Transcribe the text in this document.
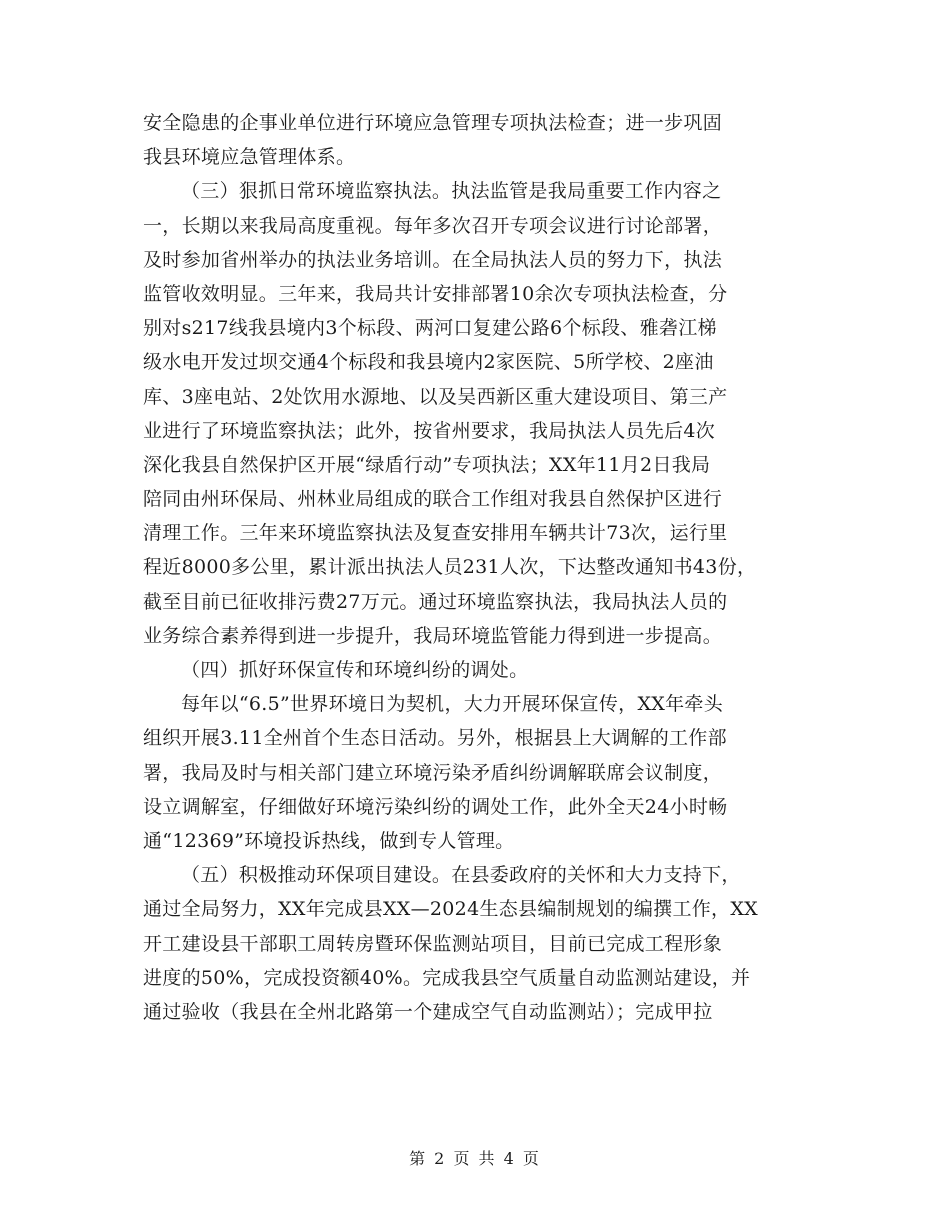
安全隐患的企事业单位进行环境应急管理专项执法检查；进一步巩固
我县环境应急管理体系。
（三）狠抓日常环境监察执法。执法监管是我局重要工作内容之
一，长期以来我局高度重视。每年多次召开专项会议进行讨论部署，
及时参加省州举办的执法业务培训。在全局执法人员的努力下，执法
监管收效明显。三年来，我局共计安排部署10余次专项执法检查，分
别对s217线我县境内3个标段、两河口复建公路6个标段、雅砻江梯
级水电开发过坝交通4个标段和我县境内2家医院、5所学校、2座油
库、3座电站、2处饮用水源地、以及吴西新区重大建设项目、第三产
业进行了环境监察执法；此外，按省州要求，我局执法人员先后4次
深化我县自然保护区开展“绿盾行动”专项执法；XX年11月2日我局
陪同由州环保局、州林业局组成的联合工作组对我县自然保护区进行
清理工作。三年来环境监察执法及复查安排用车辆共计73次，运行里
程近8000多公里，累计派出执法人员231人次，下达整改通知书43份，
截至目前已征收排污费27万元。通过环境监察执法，我局执法人员的
业务综合素养得到进一步提升，我局环境监管能力得到进一步提高。
（四）抓好环保宣传和环境纠纷的调处。
每年以“6.5”世界环境日为契机，大力开展环保宣传，XX年牵头
组织开展3.11全州首个生态日活动。另外，根据县上大调解的工作部
署，我局及时与相关部门建立环境污染矛盾纠纷调解联席会议制度，
设立调解室，仔细做好环境污染纠纷的调处工作，此外全天24小时畅
通“12369”环境投诉热线，做到专人管理。
（五）积极推动环保项目建设。在县委政府的关怀和大力支持下，
通过全局努力，XX年完成县XX—2024生态县编制规划的编撰工作，XX
开工建设县干部职工周转房暨环保监测站项目，目前已完成工程形象
进度的50%，完成投资额40%。完成我县空气质量自动监测站建设，并
通过验收（我县在全州北路第一个建成空气自动监测站）；完成甲拉
第 2 页 共 4 页
